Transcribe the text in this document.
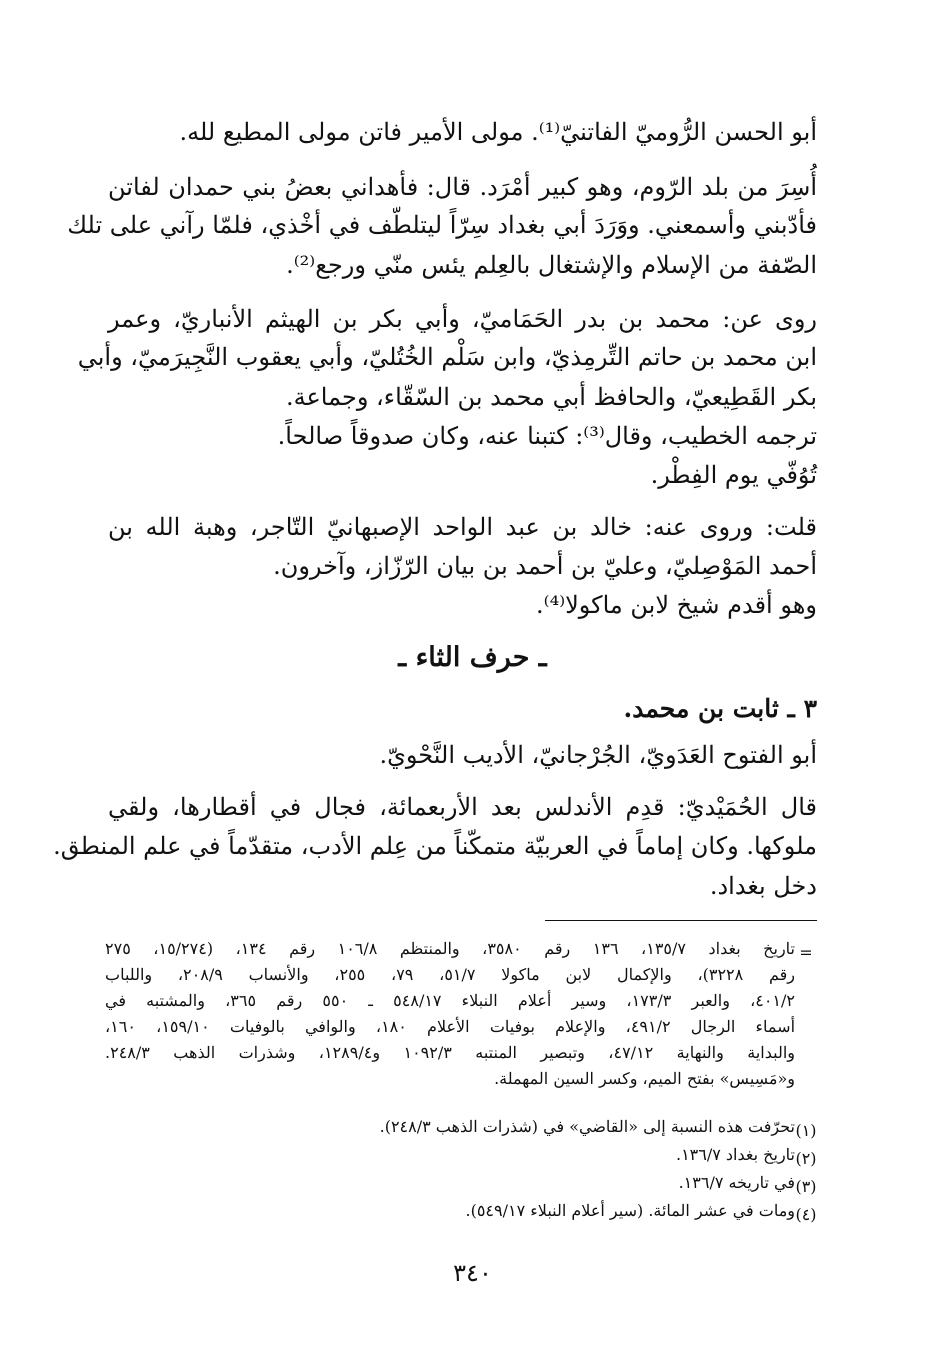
أبو الحسن الرُّوميّ الفاتنيّ⁽¹⁾. مولى الأمير فاتن مولى المطيع لله.
أُسِرَ من بلد الرّوم، وهو كبير أمْرَد. قال: فأهداني بعضُ بني حمدان لفاتن
فأدّبني وأسمعني. ووَرَدَ أبي بغداد سِرّاً ليتلطّف في أخْذي، فلمّا رآني على تلك
الصّفة من الإسلام والإشتغال بالعِلم يئس منّي ورجع⁽²⁾.
روى عن: محمد بن بدر الحَمَاميّ، وأبي بكر بن الهيثم الأنباريّ، وعمر
ابن محمد بن حاتم التِّرمِذيّ، وابن سَلْم الخُتُليّ، وأبي يعقوب النَّجِيرَميّ، وأبي
بكر القَطِيعيّ، والحافظ أبي محمد بن السّقّاء، وجماعة.
ترجمه الخطيب، وقال⁽³⁾: كتبنا عنه، وكان صدوقاً صالحاً.
تُوُفّي يوم الفِطْر.
قلت: وروى عنه: خالد بن عبد الواحد الإصبهانيّ التّاجر، وهبة الله بن
أحمد المَوْصِليّ، وعليّ بن أحمد بن بيان الرّزّاز، وآخرون.
وهو أقدم شيخ لابن ماكولا⁽⁴⁾.
ـ حرف الثاء ـ
٣ ـ ثابت بن محمد.
أبو الفتوح العَدَويّ، الجُرْجانيّ، الأديب النَّحْويّ.
قال الحُمَيْديّ: قدِم الأندلس بعد الأربعمائة، فجال في أقطارها، ولقي
ملوكها. وكان إماماً في العربيّة متمكّناً من عِلم الأدب، متقدّماً في علم المنطق.
دخل بغداد.
=
تاريخ بغداد ١٣٥/٧، ١٣٦ رقم ٣٥٨٠، والمنتظم ١٠٦/٨ رقم ١٣٤، (١٥/٢٧٤، ٢٧٥
رقم ٣٢٢٨)، والإكمال لابن ماكولا ٥١/٧، ٧٩، ٢٥٥، والأنساب ٢٠٨/٩، واللباب
٤٠١/٢، والعبر ١٧٣/٣، وسير أعلام النبلاء ٥٤٨/١٧ ـ ٥٥٠ رقم ٣٦٥، والمشتبه في
أسماء الرجال ٤٩١/٢، والإعلام بوفيات الأعلام ١٨٠، والوافي بالوفيات ١٥٩/١٠، ١٦٠،
والبداية والنهاية ٤٧/١٢، وتبصير المنتبه ١٠٩٢/٣ و١٢٨٩/٤، وشذرات الذهب ٢٤٨/٣.
و«مَسِيس» بفتح الميم، وكسر السين المهملة.
(١)
تحرّفت هذه النسبة إلى «القاضي» في (شذرات الذهب ٢٤٨/٣).
(٢)
تاريخ بغداد ١٣٦/٧.
(٣)
في تاريخه ١٣٦/٧.
(٤)
ومات في عشر المائة. (سير أعلام النبلاء ٥٤٩/١٧).
٣٤٠
